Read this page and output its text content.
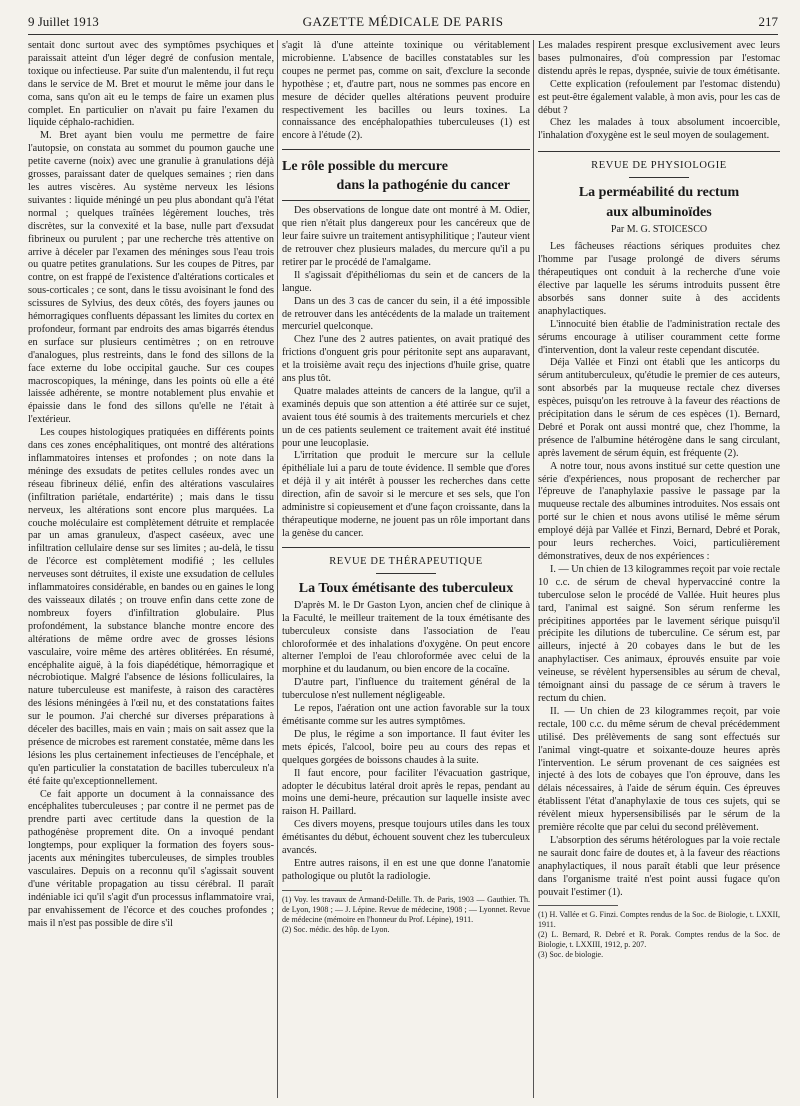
9 Juillet 1913	GAZETTE MÉDICALE DE PARIS	217

sentait donc surtout avec des symptômes psychiques et paraissait atteint d'un léger degré de confusion mentale, toxique ou infectieuse. Par suite d'un malentendu, il fut reçu dans le service de M. Bret et mourut le même jour dans le coma, sans qu'on ait eu le temps de faire un examen plus complet. En particulier on n'avait pu faire l'examen du liquide céphalo-rachidien.

M. Bret ayant bien voulu me permettre de faire l'autopsie, on constata au sommet du poumon gauche une petite caverne (noix) avec une granulie à granulations déjà grosses, paraissant dater de quelques semaines ; rien dans les autres viscères. Au système nerveux les lésions suivantes : liquide méningé un peu plus abondant qu'à l'état normal ; quelques traînées légèrement louches, très discrètes, sur la convexité et la base, nulle part d'exsudat fibrineux ou purulent ; par une recherche très attentive on arrive à déceler par l'examen des méninges sous l'eau trois ou quatre petites granulations. Sur les coupes de Pitres, par contre, on est frappé de l'existence d'altérations corticales et sous-corticales ; ce sont, dans le tissu avoisinant le fond des scissures de Sylvius, des deux côtés, des foyers jaunes ou hémorragiques confluents dépassant les limites du cortex en profondeur, formant par endroits des amas bigarrés étendus en surface sur plusieurs centimètres ; on en retrouve d'analogues, plus restreints, dans le fond des sillons de la face externe du lobe occipital gauche. Sur ces coupes macroscopiques, la méninge, dans les points où elle a été laissée adhérente, se montre notablement plus envahie et épaissie dans le fond des sillons qu'elle ne l'était à l'extérieur.

Les coupes histologiques pratiquées en différents points dans ces zones encéphalitiques, ont montré des altérations inflammatoires intenses et profondes ; on note dans la méninge des exsudats de petites cellules rondes avec un réseau fibrineux délié, enfin des altérations vasculaires (infiltration pariétale, endartérite) ; mais dans le tissu nerveux, les altérations sont encore plus marquées. La couche moléculaire est complètement détruite et remplacée par un amas granuleux, d'aspect caséeux, avec une infiltration cellulaire dense sur ses limites ; au-delà, le tissu de l'écorce est complètement modifié ; les cellules nerveuses sont détruites, il existe une exsudation de cellules inflammatoires considérable, en bandes ou en gaines le long des vaisseaux dilatés ; on trouve enfin dans cette zone de nombreux foyers d'infiltration globulaire. Plus profondément, la substance blanche montre encore des altérations de même ordre avec de grosses lésions vasculaire, voire même des artères oblitérées. En résumé, encéphalite aiguë, à la fois diapédétique, hémorragique et nécrobiotique. Malgré l'absence de lésions folliculaires, la nature tuberculeuse est manifeste, à raison des caractères des lésions méningées à l'œil nu, et des constatations faites sur le poumon. J'ai cherché sur diverses préparations à déceler des bacilles, mais en vain ; mais on sait assez que la présence de microbes est rarement constatée, même dans les lésions les plus certainement infectieuses de l'encéphale, et qu'en particulier la constatation de bacilles tuberculeux n'a été faite qu'exceptionnellement.

Ce fait apporte un document à la connaissance des encéphalites tuberculeuses ; par contre il ne permet pas de prendre parti avec certitude dans la question de la pathogénèse proprement dite. On a invoqué pendant longtemps, pour expliquer la formation des foyers sous-jacents aux méningites tuberculeuses, de simples troubles vasculaires. Depuis on a reconnu qu'il s'agissait souvent d'une véritable propagation au tissu cérébral. Il paraît indéniable ici qu'il s'agit d'un processus inflammatoire vrai, par envahissement de l'écorce et des couches profondes ; mais il n'est pas possible de dire s'il

s'agit là d'une atteinte toxinique ou véritablement microbienne. L'absence de bacilles constatables sur les coupes ne permet pas, comme on sait, d'exclure la seconde hypothèse ; et, d'autre part, nous ne sommes pas encore en mesure de décider quelles altérations peuvent produire respectivement les bacilles ou leurs toxines. La connaissance des encéphalopathies tuberculeuses (1) est encore à l'étude (2).

Le rôle possible du mercure
dans la pathogénie du cancer

Des observations de longue date ont montré à M. Odier, que rien n'était plus dangereux pour les cancéreux que de leur faire suivre un traitement antisyphilitique ; l'auteur vient de retrouver chez plusieurs malades, du mercure qu'il a pu retirer par le procédé de l'amalgame.

Il s'agissait d'épithéliomas du sein et de cancers de la langue.

Dans un des 3 cas de cancer du sein, il a été impossible de retrouver dans les antécédents de la malade un traitement mercuriel quelconque.

Chez l'une des 2 autres patientes, on avait pratiqué des frictions d'onguent gris pour péritonite sept ans auparavant, et la troisième avait reçu des injections d'huile grise, quatre ans plus tôt.

Quatre malades atteints de cancers de la langue, qu'il a examinés depuis que son attention a été attirée sur ce sujet, avaient tous été soumis à des traitements mercuriels et chez un de ces patients seulement ce traitement avait été institué pour une leucoplasie.

L'irritation que produit le mercure sur la cellule épithéliale lui a paru de toute évidence. Il semble que d'ores et déjà il y ait intérêt à pousser les recherches dans cette direction, afin de savoir si le mercure et ses sels, que l'on administre si copieusement et d'une façon croissante, dans la thérapeutique moderne, ne jouent pas un rôle important dans la genèse du cancer.

REVUE DE THÉRAPEUTIQUE
La Toux émétisante des tuberculeux

D'après M. le Dr Gaston Lyon, ancien chef de clinique à la Faculté, le meilleur traitement de la toux émétisante des tuberculeux consiste dans l'association de l'eau chloroformée et des inhalations d'oxygène. On peut encore alterner l'emploi de l'eau chloroformée avec celui de la morphine et du laudanum, ou bien encore de la cocaïne.

D'autre part, l'influence du traitement général de la tuberculose n'est nullement négligeable.

Le repos, l'aération ont une action favorable sur la toux émétisante comme sur les autres symptômes.

De plus, le régime a son importance. Il faut éviter les mets épicés, l'alcool, boire peu au cours des repas et quelques gorgées de boissons chaudes à la suite.

Il faut encore, pour faciliter l'évacuation gastrique, adopter le décubitus latéral droit après le repas, pendant au moins une demi-heure, précaution sur laquelle insiste avec raison H. Paillard.

Ces divers moyens, presque toujours utiles dans les toux émétisantes du début, échouent souvent chez les tuberculeux avancés.

Entre autres raisons, il en est une que donne l'anatomie pathologique ou plutôt la radiologie.

(1) Voy. les travaux de Armand-Delille. Th. de Paris, 1903 — Gauthier. Th. de Lyon, 1908 ; — J. Lépine. Revue de médecine, 1908 ; — Lyonnet. Revue de médecine (mémoire en l'honneur du Prof. Lépine), 1911.

(2) Soc. médic. des hôp. de Lyon.

Les malades respirent presque exclusivement avec leurs bases pulmonaires, d'où compression par l'estomac distendu après le repas, dyspnée, suivie de toux émétisante.

Cette explication (refoulement par l'estomac distendu) est peut-être également valable, à mon avis, pour les cas de début ?

Chez les malades à toux absolument incoercible, l'inhalation d'oxygène est le seul moyen de soulagement.

REVUE DE PHYSIOLOGIE
La perméabilité du rectum
aux albuminoïdes
Par M. G. STOICESCO

Les fâcheuses réactions sériques produites chez l'homme par l'usage prolongé de divers sérums thérapeutiques ont conduit à la recherche d'une voie élective par laquelle les sérums introduits pussent être absorbés sans donner suite à des accidents anaphylactiques.

L'innocuité bien établie de l'administration rectale des sérums encourage à utiliser couramment cette forme d'intervention, dont la valeur reste cependant discutée.

Déja Vallée et Finzi ont établi que les anticorps du sérum antituberculeux, qu'étudie le premier de ces auteurs, sont absorbés par la muqueuse rectale chez diverses espèces, puisqu'on les retrouve à la faveur des réactions de précipitation dans le sérum de ces espèces (1). Bernard, Debré et Porak ont aussi montré que, chez l'homme, la présence de l'albumine hétérogène dans le sang circulant, après lavement de sérum équin, est fréquente (2).

A notre tour, nous avons institué sur cette question une série d'expériences, nous proposant de rechercher par l'épreuve de l'anaphylaxie passive le passage par la muqueuse rectale des albumines introduites. Nos essais ont porté sur le chien et nous avons utilisé le même sérum employé déjà par Vallée et Finzi, Bernard, Debré et Porak, pour leurs recherches. Voici, particulièrement démonstratives, deux de nos expériences :

I. — Un chien de 13 kilogrammes reçoit par voie rectale 10 c.c. de sérum de cheval hypervacciné contre la tuberculose selon le procédé de Vallée. Huit heures plus tard, l'animal est saigné. Son sérum renferme les précipitines apportées par le lavement sérique puisqu'il précipite les dilutions de tuberculine. Ce sérum est, par ailleurs, injecté à 20 cobayes dans le but de les anaphylactiser. Ces animaux, éprouvés ensuite par voie veineuse, se révèlent hypersensibles au sérum de cheval, témoignant ainsi du passage de ce sérum à travers le rectum du chien.

II. — Un chien de 23 kilogrammes reçoit, par voie rectale, 100 c.c. du même sérum de cheval précédemment utilisé. Des prélèvements de sang sont effectués sur l'animal vingt-quatre et soixante-douze heures après l'intervention. Le sérum provenant de ces saignées est injecté à des lots de cobayes que l'on éprouve, dans les délais nécessaires, à l'aide de sérum équin. Ces épreuves établissent l'état d'anaphylaxie de tous ces sujets, qui se révèlent mieux hypersensibilisés par le sérum de la première récolte que par celui du second prélèvement.

L'absorption des sérums hétérologues par la voie rectale ne saurait donc faire de doutes et, à la faveur des réactions anaphylactiques, il nous paraît établi que leur présence dans l'organisme traité n'est point aussi fugace qu'on pouvait l'estimer (1).

(1) H. Vallée et G. Finzi. Comptes rendus de la Soc. de Biologie, t. LXXII, 1911.

(2) L. Bernard, R. Debré et R. Porak. Comptes rendus de la Soc. de Biologie, t. LXXIII, 1912, p. 207.

(3) Soc. de biologie.
